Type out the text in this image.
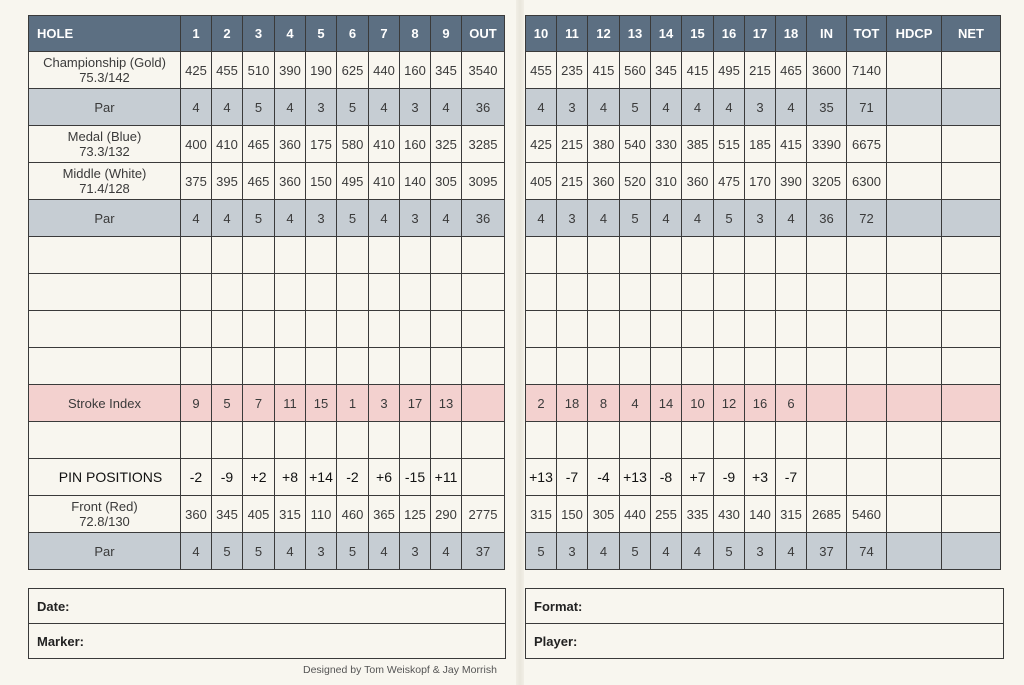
HOLE	1	2	3	4	5	6	7	8	9	OUT
Championship (Gold)
75.3/142	425	455	510	390	190	625	440	160	345	3540
Par	4	4	5	4	3	5	4	3	4	36
Medal (Blue)
73.3/132	400	410	465	360	175	580	410	160	325	3285
Middle (White)
71.4/128	375	395	465	360	150	495	410	140	305	3095
Par	4	4	5	4	3	5	4	3	4	36

Stroke Index	9	5	7	11	15	1	3	17	13	

PIN POSITIONS	-2	-9	+2	+8	+14	-2	+6	-15	+11	
Front (Red)
72.8/130	360	345	405	315	110	460	365	125	290	2775
Par	4	5	5	4	3	5	4	3	4	37
10	11	12	13	14	15	16	17	18	IN	TOT	HDCP	NET
455	235	415	560	345	415	495	215	465	3600	7140		
4	3	4	5	4	4	4	3	4	35	71		
425	215	380	540	330	385	515	185	415	3390	6675		
405	215	360	520	310	360	475	170	390	3205	6300		
4	3	4	5	4	4	5	3	4	36	72		

2	18	8	4	14	10	12	16	6				

+13	-7	-4	+13	-8	+7	-9	+3	-7				
315	150	305	440	255	335	430	140	315	2685	5460		
5	3	4	5	4	4	5	3	4	37	74		
Date:
Marker:
Format:
Player:
Designed by Tom Weiskopf & Jay Morrish
